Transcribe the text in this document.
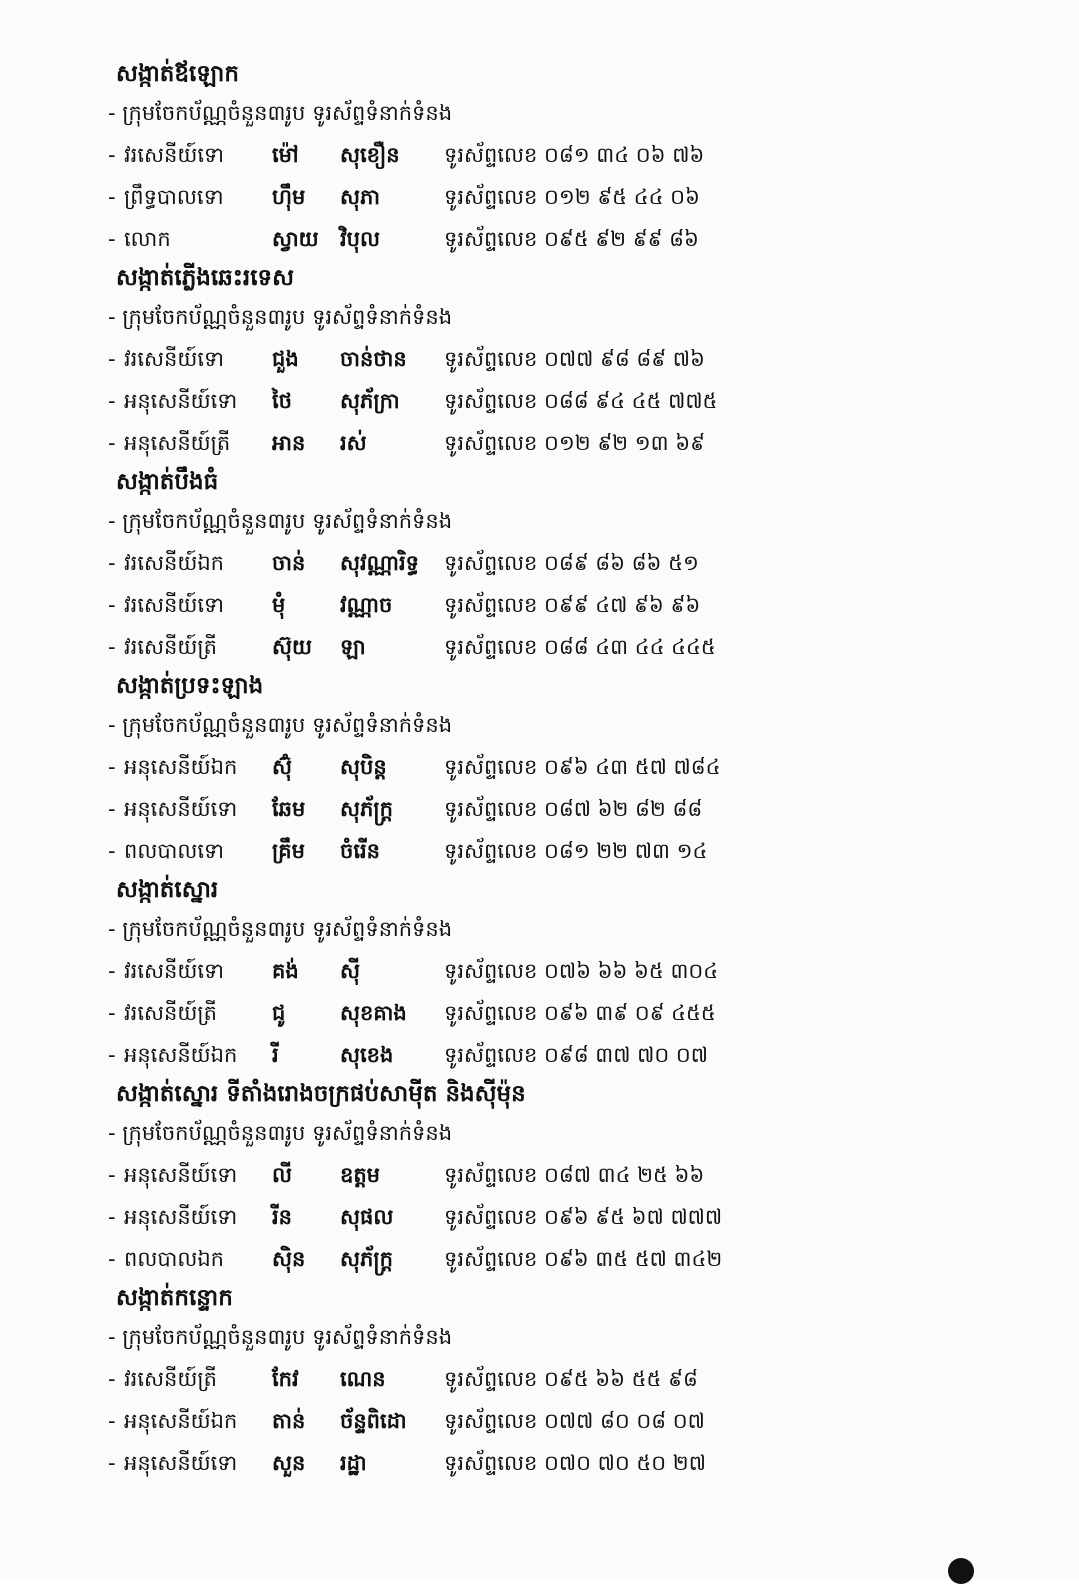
សង្កាត់ឪឡោក
- ក្រុមចែកប័ណ្ណចំនួន៣រូប ទូរស័ព្ទទំនាក់ទំនង
- វរសេនីយ៍ទោ	ម៉ៅ	សុខឿន	ទូរស័ព្ទលេខ ០៨១ ៣៤ ០៦ ៧៦
- ព្រឹទ្ធបាលទោ	ហ៊ឹម	សុភា	ទូរស័ព្ទលេខ ០១២ ៩៥ ៤៤ ០៦
- លោក	ស្វាយ	វិបុល	ទូរស័ព្ទលេខ ០៩៥ ៩២ ៩៩ ៨៦
សង្កាត់ភ្លើងឆេះរទេស
- ក្រុមចែកប័ណ្ណចំនួន៣រូប ទូរស័ព្ទទំនាក់ទំនង
- វរសេនីយ៍ទោ	ជួង	ចាន់ថាន	ទូរស័ព្ទលេខ ០៧៧ ៩៨ ៨៩ ៧៦
- អនុសេនីយ៍ទោ	ថៃ	សុភ័ក្រា	ទូរស័ព្ទលេខ ០៨៨ ៩៤ ៤៥ ៧៧៥
- អនុសេនីយ៍ត្រី	អាន	រស់	ទូរស័ព្ទលេខ ០១២ ៩២ ១៣ ៦៩
សង្កាត់បឹងធំ
- ក្រុមចែកប័ណ្ណចំនួន៣រូប ទូរស័ព្ទទំនាក់ទំនង
- វរសេនីយ៍ឯក	ចាន់	សុវណ្ណារិទ្ធ	ទូរស័ព្ទលេខ ០៨៩ ៨៦ ៨៦ ៥១
- វរសេនីយ៍ទោ	មុំ	វណ្ណាច	ទូរស័ព្ទលេខ ០៩៩ ៤៧ ៩៦ ៩៦
- វរសេនីយ៍ត្រី	ស៊ុយ	ឡា	ទូរស័ព្ទលេខ ០៨៨ ៤៣ ៤៤ ៤៤៥
សង្កាត់ប្រទះឡាង
- ក្រុមចែកប័ណ្ណចំនួន៣រូប ទូរស័ព្ទទំនាក់ទំនង
- អនុសេនីយ៍ឯក	ស៊ុំ	សុបិន្ត	ទូរស័ព្ទលេខ ០៩៦ ៤៣ ៥៧ ៧៨៤
- អនុសេនីយ៍ទោ	ឆែម	សុភ័ក្រ្ត	ទូរស័ព្ទលេខ ០៨៧ ៦២ ៨២ ៨៨
- ពលបាលទោ	គ្រឹម	ចំរើន	ទូរស័ព្ទលេខ ០៨១ ២២ ៧៣ ១៤
សង្កាត់ស្នោរ
- ក្រុមចែកប័ណ្ណចំនួន៣រូប ទូរស័ព្ទទំនាក់ទំនង
- វរសេនីយ៍ទោ	គង់	ស៊ី	ទូរស័ព្ទលេខ ០៧៦ ៦៦ ៦៥ ៣០៤
- វរសេនីយ៍ត្រី	ជូ	សុខគាង	ទូរស័ព្ទលេខ ០៩៦ ៣៩ ០៩ ៤៥៥
- អនុសេនីយ៍ឯក	រី	សុខេង	ទូរស័ព្ទលេខ ០៩៨ ៣៧ ៧០ ០៧
សង្កាត់ស្នោរ ទីតាំងរោងចក្រផប់សាម៉ីត និងស៊ីម៉ុន
- ក្រុមចែកប័ណ្ណចំនួន៣រូប ទូរស័ព្ទទំនាក់ទំនង
- អនុសេនីយ៍ទោ	លី	ឧត្តម	ទូរស័ព្ទលេខ ០៨៧ ៣៤ ២៥ ៦៦
- អនុសេនីយ៍ទោ	រីន	សុផល	ទូរស័ព្ទលេខ ០៩៦ ៩៥ ៦៧ ៧៧៧
- ពលបាលឯក	ស៊ិន	សុភ័ក្រ្ត	ទូរស័ព្ទលេខ ០៩៦ ៣៥ ៥៧ ៣៤២
សង្កាត់កន្ទោក
- ក្រុមចែកប័ណ្ណចំនួន៣រូប ទូរស័ព្ទទំនាក់ទំនង
- វរសេនីយ៍ត្រី	កែវ	ណេន	ទូរស័ព្ទលេខ ០៩៥ ៦៦ ៥៥ ៩៨
- អនុសេនីយ៍ឯក	តាន់	ច័ន្ទពិដោ	ទូរស័ព្ទលេខ ០៧៧ ៨០ ០៨ ០៧
- អនុសេនីយ៍ទោ	សួន	រដ្ឋា	ទូរស័ព្ទលេខ ០៧០ ៧០ ៥០ ២៧
